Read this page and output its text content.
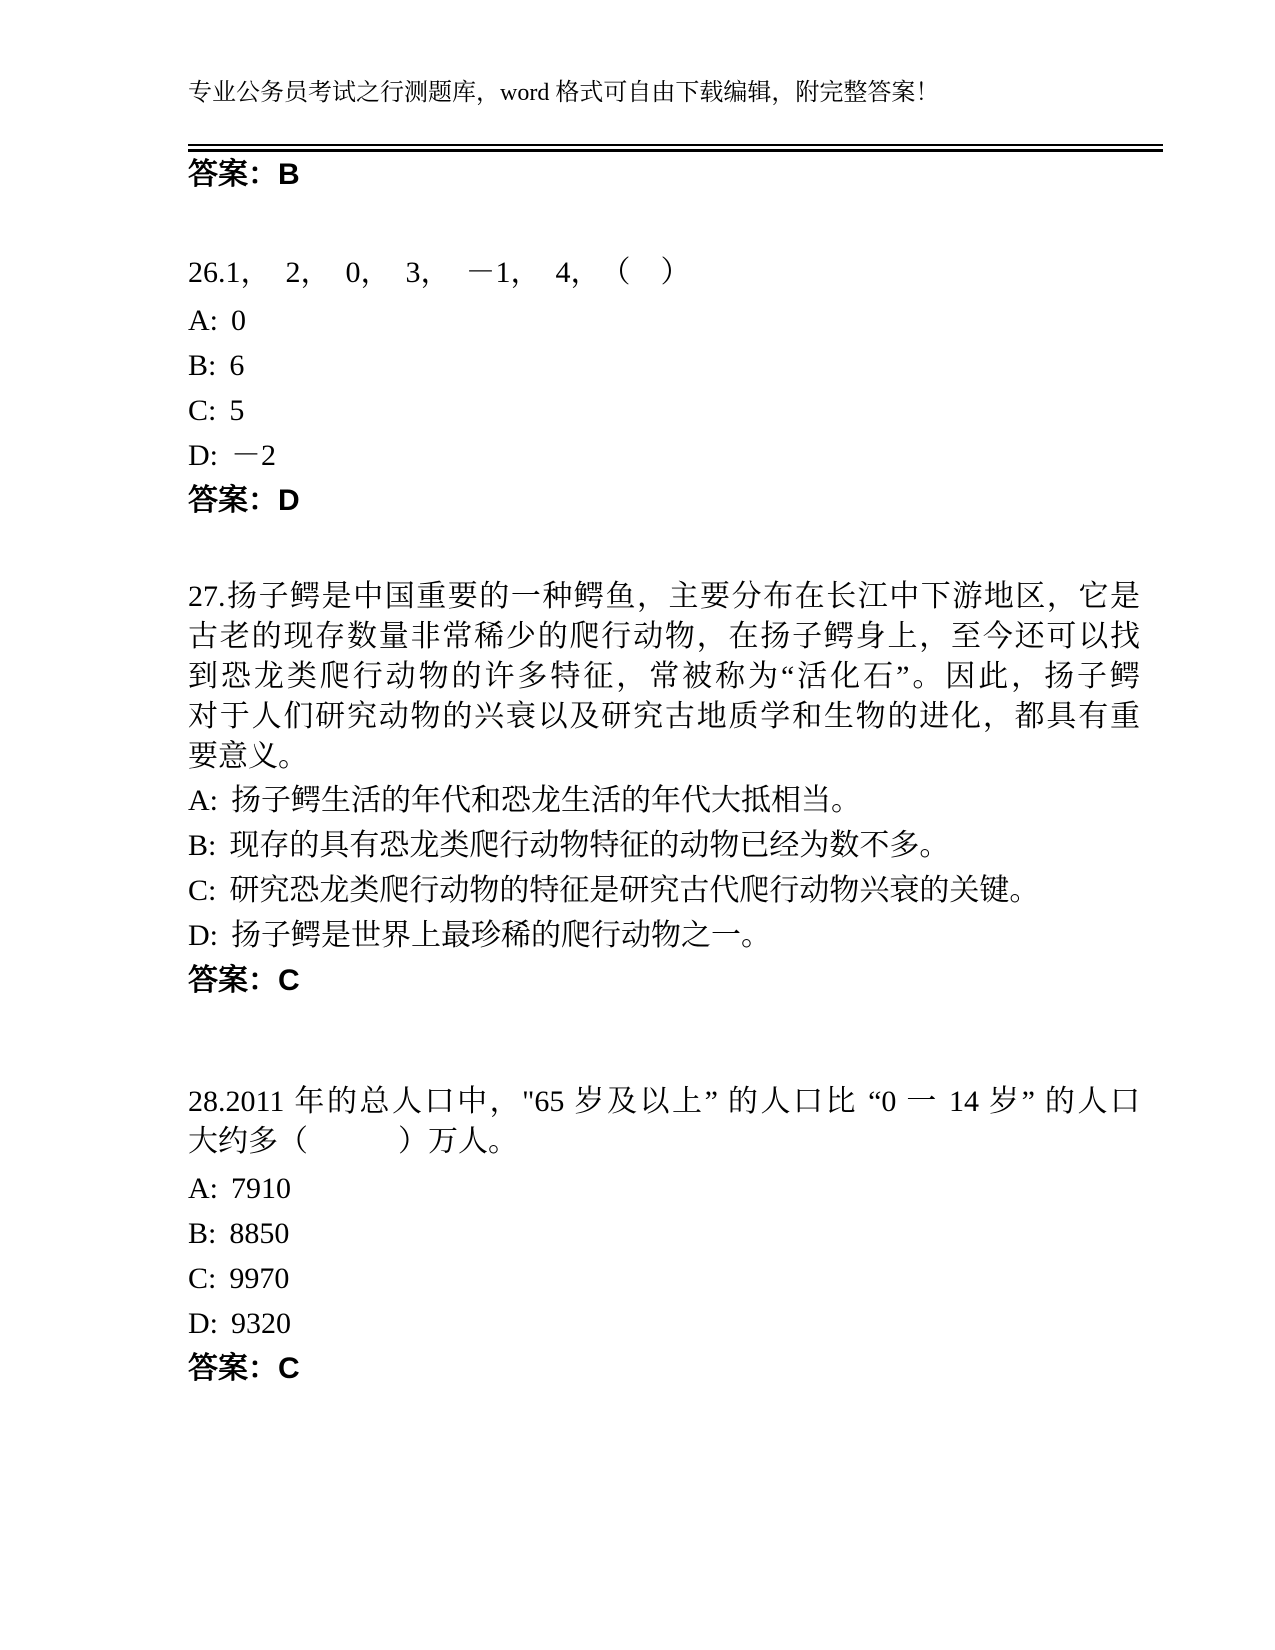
专业公务员考试之行测题库，word 格式可自由下载编辑，附完整答案！
答案：B
26.1，　2，　0，　3，　－1，　4，　（　）
A: 0
B: 6
C: 5
D: －2
答案：D
27.扬子鳄是中国重要的一种鳄鱼，主要分布在长江中下游地区，它是
古老的现存数量非常稀少的爬行动物，在扬子鳄身上，至今还可以找
到恐龙类爬行动物的许多特征，常被称为“活化石”。因此，扬子鳄
对于人们研究动物的兴衰以及研究古地质学和生物的进化，都具有重
要意义。
A: 扬子鳄生活的年代和恐龙生活的年代大抵相当。
B: 现存的具有恐龙类爬行动物特征的动物已经为数不多。
C: 研究恐龙类爬行动物的特征是研究古代爬行动物兴衰的关键。
D: 扬子鳄是世界上最珍稀的爬行动物之一。
答案：C
28.2011 年的总人口中，"65 岁及以上” 的人口比 “0 一 14 岁” 的人口
大约多（　　　）万人。
A: 7910
B: 8850
C: 9970
D: 9320
答案：C
